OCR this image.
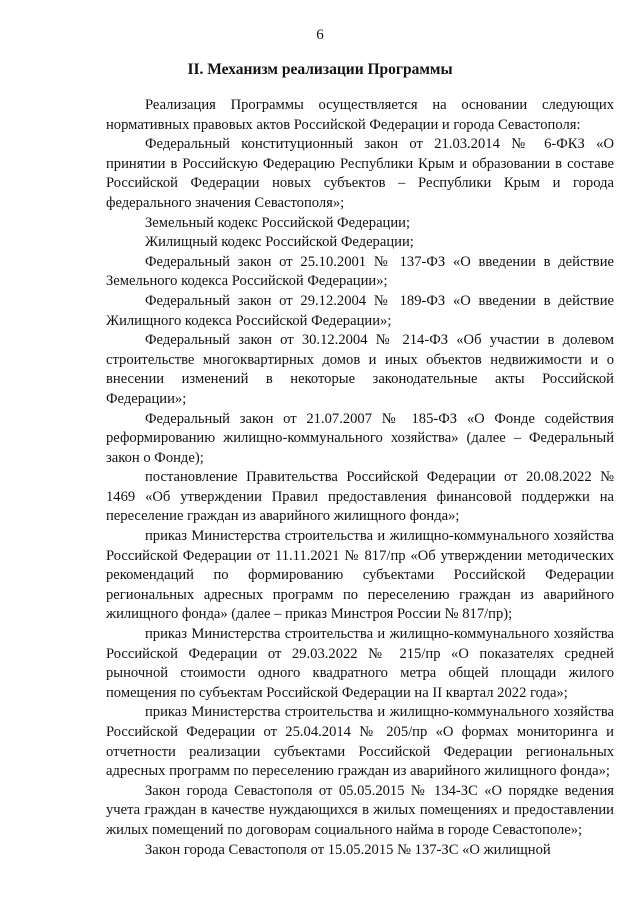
6
II. Механизм реализации Программы

Реализация Программы осуществляется на основании следующих нормативных правовых актов Российской Федерации и города Севастополя:

Федеральный конституционный закон от 21.03.2014 № 6-ФКЗ «О принятии в Российскую Федерацию Республики Крым и образовании в составе Российской Федерации новых субъектов – Республики Крым и города федерального значения Севастополя»;

Земельный кодекс Российской Федерации;

Жилищный кодекс Российской Федерации;

Федеральный закон от 25.10.2001 № 137-ФЗ «О введении в действие Земельного кодекса Российской Федерации»;

Федеральный закон от 29.12.2004 № 189-ФЗ «О введении в действие Жилищного кодекса Российской Федерации»;

Федеральный закон от 30.12.2004 № 214-ФЗ «Об участии в долевом строительстве многоквартирных домов и иных объектов недвижимости и о внесении изменений в некоторые законодательные акты Российской Федерации»;

Федеральный закон от 21.07.2007 № 185-ФЗ «О Фонде содействия реформированию жилищно-коммунального хозяйства» (далее – Федеральный закон о Фонде);

постановление Правительства Российской Федерации от 20.08.2022 № 1469 «Об утверждении Правил предоставления финансовой поддержки на переселение граждан из аварийного жилищного фонда»;

приказ Министерства строительства и жилищно-коммунального хозяйства Российской Федерации от 11.11.2021 № 817/пр «Об утверждении методических рекомендаций по формированию субъектами Российской Федерации региональных адресных программ по переселению граждан из аварийного жилищного фонда» (далее – приказ Минстроя России № 817/пр);

приказ Министерства строительства и жилищно-коммунального хозяйства Российской Федерации от 29.03.2022 № 215/пр «О показателях средней рыночной стоимости одного квадратного метра общей площади жилого помещения по субъектам Российской Федерации на II квартал 2022 года»;

приказ Министерства строительства и жилищно-коммунального хозяйства Российской Федерации от 25.04.2014 № 205/пр «О формах мониторинга и отчетности реализации субъектами Российской Федерации региональных адресных программ по переселению граждан из аварийного жилищного фонда»;

Закон города Севастополя от 05.05.2015 № 134-ЗС «О порядке ведения учета граждан в качестве нуждающихся в жилых помещениях и предоставлении жилых помещений по договорам социального найма в городе Севастополе»;

Закон города Севастополя от 15.05.2015 № 137-ЗС «О жилищной
